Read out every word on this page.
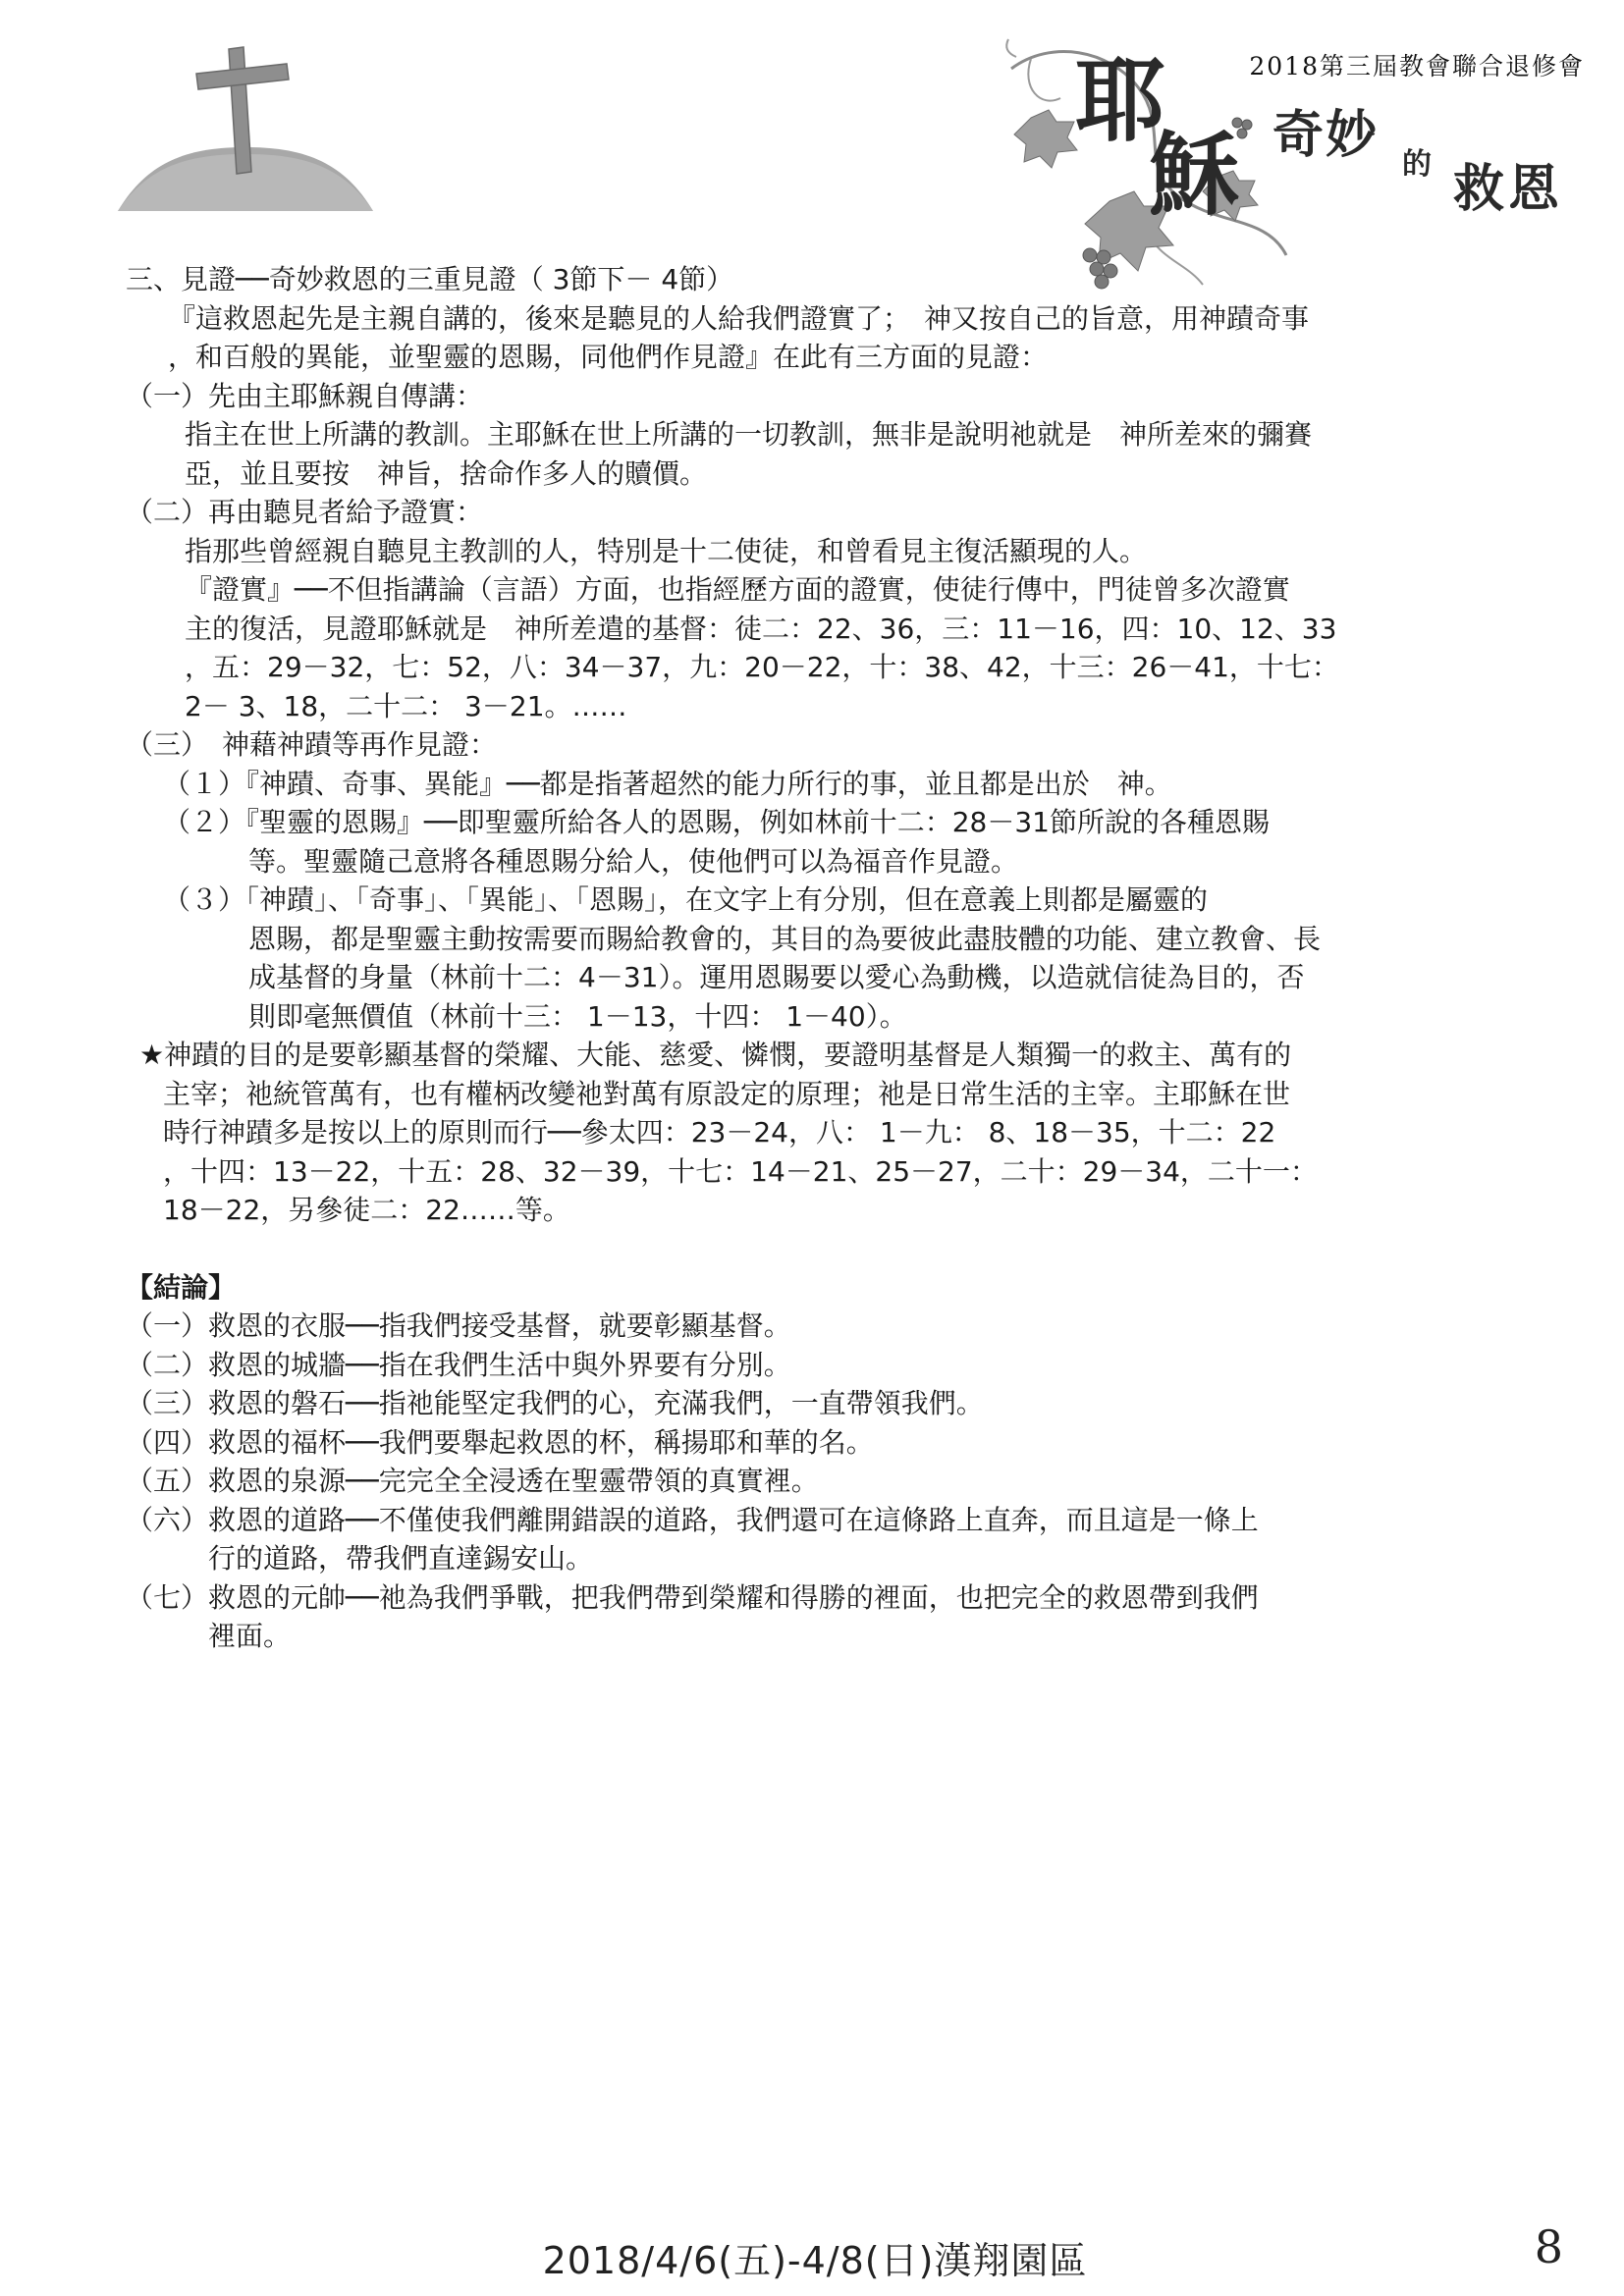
2018第三屆教會聯合退修會
耶
穌 奇妙 的 救恩
三、見證──奇妙救恩的三重見證（ 3節下－ 4節）
『這救恩起先是主親自講的，後來是聽見的人給我們證實了；　神又按自己的旨意，用神蹟奇事
，和百般的異能，並聖靈的恩賜，同他們作見證』在此有三方面的見證：
（一）先由主耶穌親自傳講：
指主在世上所講的教訓。主耶穌在世上所講的一切教訓，無非是說明祂就是　神所差來的彌賽
亞，並且要按　神旨，捨命作多人的贖價。
（二）再由聽見者給予證實：
指那些曾經親自聽見主教訓的人，特別是十二使徒，和曾看見主復活顯現的人。
『證實』──不但指講論（言語）方面，也指經歷方面的證實，使徒行傳中，門徒曾多次證實
主的復活，見證耶穌就是　神所差遣的基督：徒二：22、36，三：11－16，四：10、12、33
，五：29－32，七：52，八：34－37，九：20－22，十：38、42，十三：26－41，十七：
2－ 3、18，二十二： 3－21。……
（三）　神藉神蹟等再作見證：
（１）『神蹟、奇事、異能』──都是指著超然的能力所行的事，並且都是出於　神。
（２）『聖靈的恩賜』──即聖靈所給各人的恩賜，例如林前十二：28－31節所說的各種恩賜
等。聖靈隨己意將各種恩賜分給人，使他們可以為福音作見證。
（３）「神蹟」、「奇事」、「異能」、「恩賜」，在文字上有分別，但在意義上則都是屬靈的
恩賜，都是聖靈主動按需要而賜給教會的，其目的為要彼此盡肢體的功能、建立教會、長
成基督的身量（林前十二：4－31）。運用恩賜要以愛心為動機，以造就信徒為目的，否
則即毫無價值（林前十三： 1－13，十四： 1－40）。
★神蹟的目的是要彰顯基督的榮耀、大能、慈愛、憐憫，要證明基督是人類獨一的救主、萬有的
主宰；祂統管萬有，也有權柄改變祂對萬有原設定的原理；祂是日常生活的主宰。主耶穌在世
時行神蹟多是按以上的原則而行──參太四：23－24，八： 1－九： 8、18－35，十二：22
，十四：13－22，十五：28、32－39，十七：14－21、25－27，二十：29－34，二十一：
18－22，另參徒二：22……等。
【結論】
（一）救恩的衣服──指我們接受基督，就要彰顯基督。
（二）救恩的城牆──指在我們生活中與外界要有分別。
（三）救恩的磐石──指祂能堅定我們的心，充滿我們，一直帶領我們。
（四）救恩的福杯──我們要舉起救恩的杯，稱揚耶和華的名。
（五）救恩的泉源──完完全全浸透在聖靈帶領的真實裡。
（六）救恩的道路──不僅使我們離開錯誤的道路，我們還可在這條路上直奔，而且這是一條上
行的道路，帶我們直達錫安山。
（七）救恩的元帥──祂為我們爭戰，把我們帶到榮耀和得勝的裡面，也把完全的救恩帶到我們
裡面。
2018/4/6(五)-4/8(日)漢翔園區	8
